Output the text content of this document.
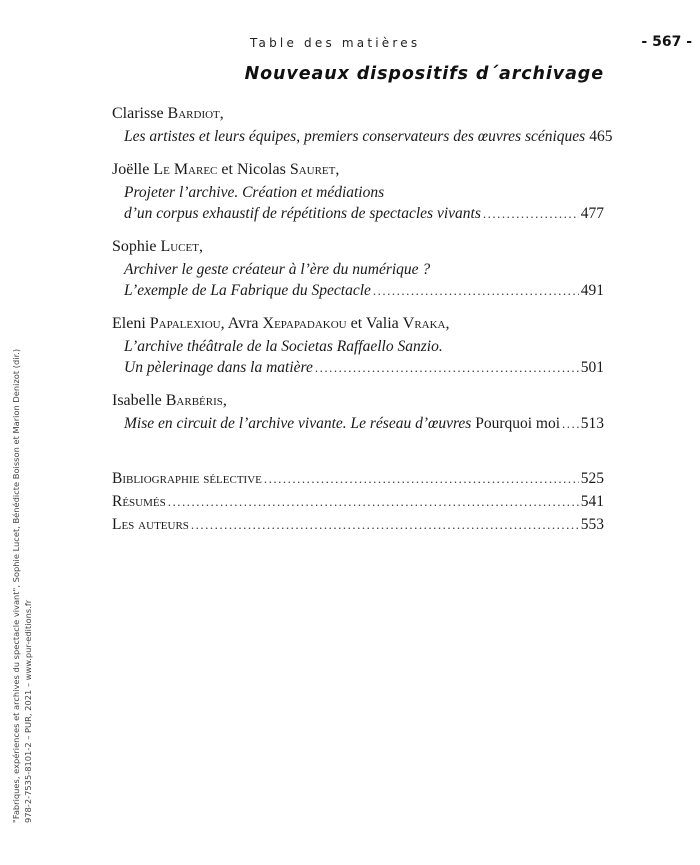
Table des matières	- 567 -
Nouveaux dispositifs d´archivage
Clarisse Bardiot,
Les artistes et leurs équipes, premiers conservateurs des œuvres scéniques 465
Joëlle Le Marec et Nicolas Sauret,
Projeter l’archive. Création et médiations
d’un corpus exhaustif de répétitions de spectacles vivants .....	477
Sophie Lucet,
Archiver le geste créateur à l’ère du numérique ?
L’exemple de La Fabrique du Spectacle .....	491
Eleni Papalexiou, Avra Xepapadakou et Valia Vraka,
L’archive théâtrale de la Societas Raffaello Sanzio.
Un pèlerinage dans la matière .....	501
Isabelle Barbéris,
Mise en circuit de l’archive vivante. Le réseau d’œuvres Pourquoi moi ..... 513
Bibliographie sélective .....	525
Résumés .....	541
Les auteurs .....	553
"Fabriques, expériences et archives du spectacle vivant", Sophie Lucet, Bénédicte Boisson et Marion Denizot (dir.) 978-2-7535-8101-2 – PUR, 2021 – www.pur-editions.fr
